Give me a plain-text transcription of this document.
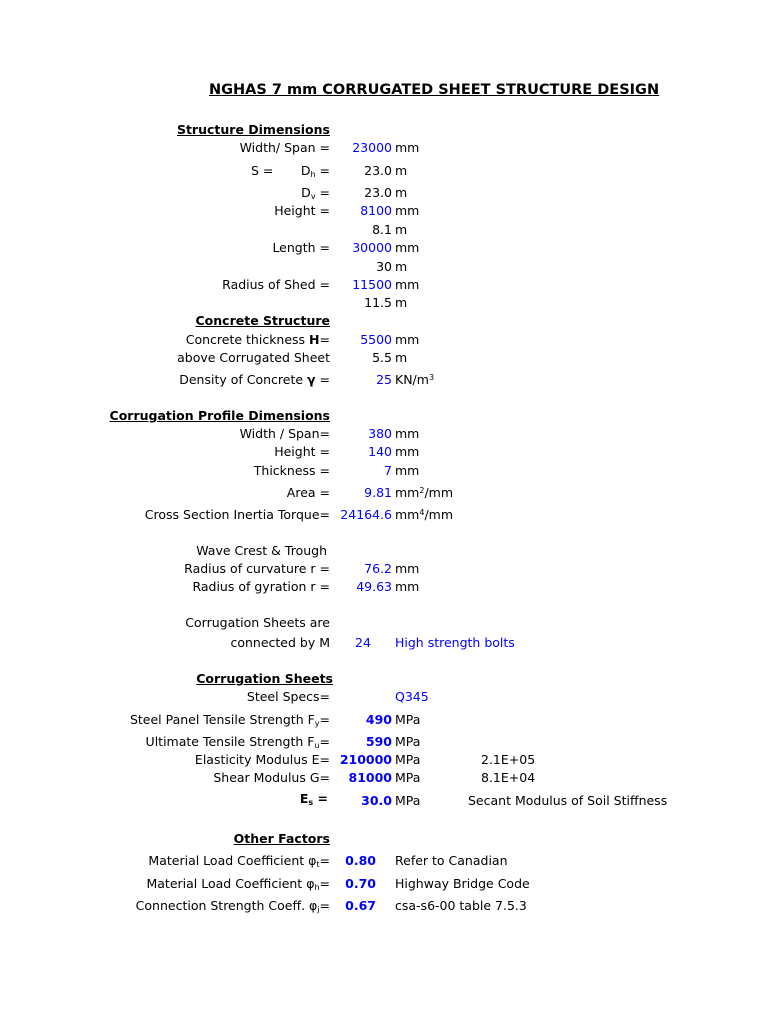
NGHAS 7 mm CORRUGATED SHEET STRUCTURE DESIGN
Structure Dimensions
Width/ Span = 23000 mm
$S = D_h$ =	23.0 m
$D_v$ =	23.0 m
Height = 8100 mm
8.1 m
Length = 30000 mm
30 m
Radius of Shed = 11500 mm
11.5 m
Concrete Structure
Concrete thickness H= 5500 mm
above Corrugated Sheet	5.5 m
Density of Concrete γ =	25 $KN/m^3$
Corrugation Profile Dimensions
Width / Span=	380 mm
Height =	140 mm
Thickness =	7 mm
Area =	9.81 $mm^2/mm$
Cross Section Inertia Torque= 24164.6 $mm^4/mm$
Wave Crest & Trough
Radius of curvature r =	76.2 mm
Radius of gyration r = 49.63 mm
Corrugation Sheets are
connected by M 24 High strength bolts
Corrugation Sheets
Steel Specs=	Q345
Steel Panel Tensile Strength $F_y=$	490 MPa
Ultimate Tensile Strength $F_u=$	590 MPa
Elasticity Modulus E= 210000 MPa	2.1E+05
Shear Modulus G= 81000 MPa	8.1E+04
$E_s$ =	30.0 MPa	Secant Modulus of Soil Stiffness
Other Factors
Material Load Coefficient $\varphi_t= 0.80$ Refer to Canadian
Material Load Coefficient $\varphi_h= 0.70$ Highway Bridge Code
Connection Strength Coeff. $\varphi_j= 0.67$ csa-s6-00 table 7.5.3
